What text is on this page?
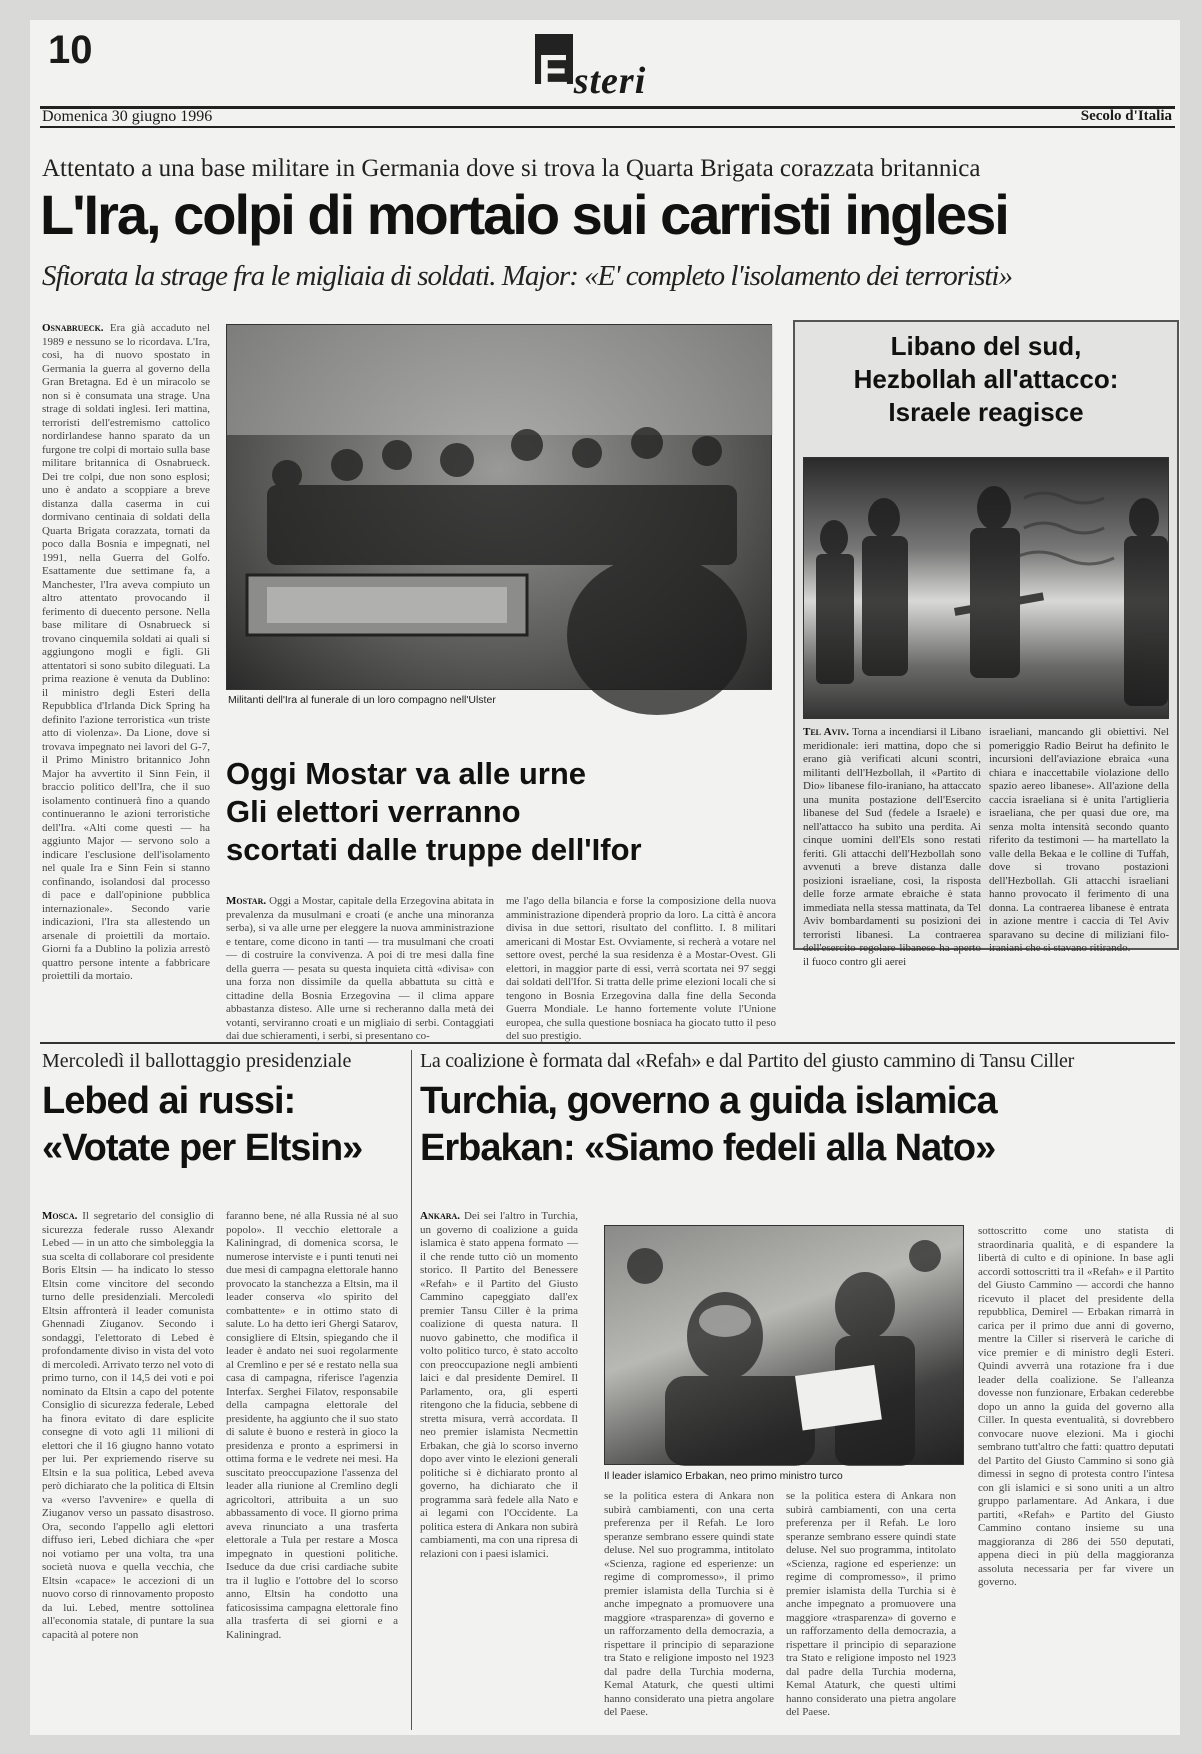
10	E steri
Domenica 30 giugno 1996	Secolo d'Italia
Attentato a una base militare in Germania dove si trova la Quarta Brigata corazzata britannica
L'Ira, colpi di mortaio sui carristi inglesi
Sfiorata la strage fra le migliaia di soldati. Major: «E' completo l'isolamento dei terroristi»
Osnabrueck. Era già accaduto nel 1989 e nessuno se lo ricordava. L'Ira, così, ha di nuovo spostato in Germania la guerra al governo della Gran Bretagna. Ed è un miracolo se non si è consumata una strage. Una strage di soldati inglesi. Ieri mattina, terroristi dell'estremismo cattolico nordirlandese hanno sparato da un furgone tre colpi di mortaio sulla base militare britannica di Osnabrueck. Dei tre colpi, due non sono esplosi; uno è andato a scoppiare a breve distanza dalla caserma in cui dormivano centinaia di soldati della Quarta Brigata corazzata, tornati da poco dalla Bosnia e impegnati, nel 1991, nella Guerra del Golfo. Esattamente due settimane fa, a Manchester, l'Ira aveva compiuto un altro attentato provocando il ferimento di duecento persone. Nella base militare di Osnabrueck si trovano cinquemila soldati ai quali si aggiungono mogli e figli. Gli attentatori si sono subito dileguati. La prima reazione è venuta da Dublino: il ministro degli Esteri della Repubblica d'Irlanda Dick Spring ha definito l'azione terroristica «un triste atto di violenza». Da Lione, dove si trovava impegnato nei lavori del G-7, il Primo Ministro britannico John Major ha avvertito il Sinn Fein, il braccio politico dell'Ira, che il suo isolamento continuerà fino a quando continueranno le azioni terroristiche dell'Ira. «Alti come questi — ha aggiunto Major — servono solo a indicare l'esclusione dell'isolamento nel quale Ira e Sinn Fein si stanno confinando, isolandosi dal processo di pace e dall'opinione pubblica internazionale». Secondo varie indicazioni, l'Ira sta allestendo un arsenale di proiettili da mortaio. Giorni fa a Dublino la polizia arrestò quattro persone intente a fabbricare proiettili da mortaio.
Militanti dell'Ira al funerale di un loro compagno nell'Ulster
Libano del sud,
Hezbollah all'attacco:
Israele reagisce
Tel Aviv. Torna a incendiarsi il Libano meridionale: ieri mattina, dopo che si erano già verificati alcuni scontri, militanti dell'Hezbollah, il «Partito di Dio» libanese filo-iraniano, ha attaccato una munita postazione dell'Esercito libanese del Sud (fedele a Israele) e nell'attacco ha subìto una perdita. Ai cinque uomini dell'Els sono restati feriti. Gli attacchi dell'Hezbollah sono avvenuti a breve distanza dalle posizioni israeliane, così, la risposta delle forze armate ebraiche è stata immediata nella stessa mattinata, da Tel Aviv bombardamenti su posizioni dei terroristi libanesi. La contraerea dell'esercito regolare libanese ha aperto il fuoco contro gli aerei
israeliani, mancando gli obiettivi. Nel pomeriggio Radio Beirut ha definito le incursioni dell'aviazione ebraica «una chiara e inaccettabile violazione dello spazio aereo libanese». All'azione della caccia israeliana si è unita l'artiglieria israeliana, che per quasi due ore, ma senza molta intensità secondo quanto riferito da testimoni — ha martellato la valle della Bekaa e le colline di Tuffah, dove si trovano postazioni dell'Hezbollah. Gli attacchi israeliani hanno provocato il ferimento di una donna. La contraerea libanese è entrata in azione mentre i caccia di Tel Aviv sparavano su decine di miliziani filo-iraniani che si stavano ritirando.
Oggi Mostar va alle urne
Gli elettori verranno
scortati dalle truppe dell'Ifor
Mostar. Oggi a Mostar, capitale della Erzegovina abitata in prevalenza da musulmani e croati (e anche una minoranza serba), si va alle urne per eleggere la nuova amministrazione e tentare, come dicono in tanti — tra musulmani che croati — di costruire la convivenza. A poi di tre mesi dalla fine della guerra — pesata su questa inquieta città «divisa» con una forza non dissimile da quella abbattuta su città e cittadine della Bosnia Erzegovina — il clima appare abbastanza disteso. Alle urne si recheranno dalla metà dei votanti, serviranno croati e un migliaio di serbi. Contaggiati dai due schieramenti, i serbi, si presentano co-
me l'ago della bilancia e forse la composizione della nuova amministrazione dipenderà proprio da loro. La città è ancora divisa in due settori, risultato del conflitto. I. 8 militari americani di Mostar Est. Ovviamente, si recherà a votare nel settore ovest, perché la sua residenza è a Mostar-Ovest. Gli elettori, in maggior parte di essi, verrà scortata nei 97 seggi dai soldati dell'Ifor. Si tratta delle prime elezioni locali che si tengono in Bosnia Erzegovina dalla fine della Seconda Guerra Mondiale. Le hanno fortemente volute l'Unione europea, che sulla questione bosniaca ha giocato tutto il peso del suo prestigio.
Mercoledì il ballottaggio presidenziale
Lebed ai russi:
«Votate per Eltsin»
Mosca. Il segretario del consiglio di sicurezza federale russo Alexandr Lebed — in un atto che simboleggia la sua scelta di collaborare col presidente Boris Eltsin — ha indicato lo stesso Eltsin come vincitore del secondo turno delle presidenziali. Mercoledì Eltsin affronterà il leader comunista Ghennadi Ziuganov. Secondo i sondaggi, l'elettorato di Lebed è profondamente diviso in vista del voto di mercoledì. Arrivato terzo nel voto di primo turno, con il 14,5 dei voti e poi nominato da Eltsin a capo del potente Consiglio di sicurezza federale, Lebed ha finora evitato di dare esplicite consegne di voto agli 11 milioni di elettori che il 16 giugno hanno votato per lui. Per expriemendo riserve su Eltsin e la sua politica, Lebed aveva però dichiarato che la politica di Eltsin va «verso l'avvenire» e quella di Ziuganov verso un passato disastroso. Ora, secondo l'appello agli elettori diffuso ieri, Lebed dichiara che «per noi votiamo per una volta, tra una società nuova e quella vecchia, che Eltsin «capace» le accezioni di un nuovo corso di rinnovamento proposto da lui. Lebed, mentre sottolinea all'economia statale, di puntare la sua capacità al potere non
faranno bene, né alla Russia né al suo popolo». Il vecchio elettorale a Kaliningrad, di domenica scorsa, le numerose interviste e i punti tenuti nei due mesi di campagna elettorale hanno provocato la stanchezza a Eltsin, ma il leader conserva «lo spirito del combattente» e in ottimo stato di salute. Lo ha detto ieri Ghergi Satarov, consigliere di Eltsin, spiegando che il leader è andato nei suoi regolarmente al Cremlino e per sé e restato nella sua casa di campagna, riferisce l'agenzia Interfax. Serghei Filatov, responsabile della campagna elettorale del presidente, ha aggiunto che il suo stato di salute è buono e resterà in gioco la presidenza e pronto a esprimersi in ottima forma e le vedrete nei mesi. Ha suscitato preoccupazione l'assenza del leader alla riunione al Cremlino degli agricoltori, attribuita a un suo abbassamento di voce. Il giorno prima aveva rinunciato a una trasferta elettorale a Tula per restare a Mosca impegnato in questioni politiche. Iseduce da due crisi cardiache subite tra il luglio e l'ottobre del lo scorso anno, Eltsin ha condotto una faticosissima campagna elettorale fino alla trasferta di sei giorni e a Kaliningrad.
La coalizione è formata dal «Refah» e dal Partito del giusto cammino di Tansu Ciller
Turchia, governo a guida islamica
Erbakan: «Siamo fedeli alla Nato»
Ankara. Dei sei l'altro in Turchia, un governo di coalizione a guida islamica è stato appena formato — il che rende tutto ciò un momento storico. Il Partito del Benessere «Refah» e il Partito del Giusto Cammino capeggiato dall'ex premier Tansu Ciller è la prima coalizione di questa natura. Il nuovo gabinetto, che modifica il volto politico turco, è stato accolto con preoccupazione negli ambienti laici e dal presidente Demirel. Il Parlamento, ora, gli esperti ritengono che la fiducia, sebbene di stretta misura, verrà accordata. Il neo premier islamista Necmettin Erbakan, che già lo scorso inverno dopo aver vinto le elezioni generali politiche si è dichiarato pronto al governo, ha dichiarato che il programma sarà fedele alla Nato e ai legami con l'Occidente. La politica estera di Ankara non subirà cambiamenti, ma con una ripresa di relazioni con i paesi islamici.
Il leader islamico Erbakan, neo primo ministro turco
se la politica estera di Ankara non subirà cambiamenti, con una certa preferenza per il Refah. Le loro speranze sembrano essere quindi state deluse. Nel suo programma, intitolato «Scienza, ragione ed esperienze: un regime di compromesso», il primo premier islamista della Turchia si è anche impegnato a promuovere una maggiore «trasparenza» di governo e un rafforzamento della democrazia, a rispettare il principio di separazione tra Stato e religione imposto nel 1923 dal padre della Turchia moderna, Kemal Ataturk, che questi ultimi hanno considerato una pietra angolare del Paese.
se la politica estera di Ankara non subirà cambiamenti, con una certa preferenza per il Refah. Le loro speranze sembrano essere quindi state deluse. Nel suo programma, intitolato «Scienza, ragione ed esperienze: un regime di compromesso», il primo premier islamista della Turchia si è anche impegnato a promuovere una maggiore «trasparenza» di governo e un rafforzamento della democrazia, a rispettare il principio di separazione tra Stato e religione imposto nel 1923 dal padre della Turchia moderna, Kemal Ataturk, che questi ultimi hanno considerato una pietra angolare del Paese.
sottoscritto come uno statista di straordinaria qualità, e di espandere la libertà di culto e di opinione. In base agli accordi sottoscritti tra il «Refah» e il Partito del Giusto Cammino — accordi che hanno ricevuto il placet del presidente della repubblica, Demirel — Erbakan rimarrà in carica per il primo due anni di governo, mentre la Ciller si riserverà le cariche di vice premier e di ministro degli Esteri. Quindi avverrà una rotazione fra i due leader della coalizione. Se l'alleanza dovesse non funzionare, Erbakan cederebbe dopo un anno la guida del governo alla Ciller. In questa eventualità, si dovrebbero convocare nuove elezioni. Ma i giochi sembrano tutt'altro che fatti: quattro deputati del Partito del Giusto Cammino si sono già dimessi in segno di protesta contro l'intesa con gli islamici e si sono uniti a un altro gruppo parlamentare. Ad Ankara, i due partiti, «Refah» e Partito del Giusto Cammino contano insieme su una maggioranza di 286 dei 550 deputati, appena dieci in più della maggioranza assoluta necessaria per far vivere un governo.
